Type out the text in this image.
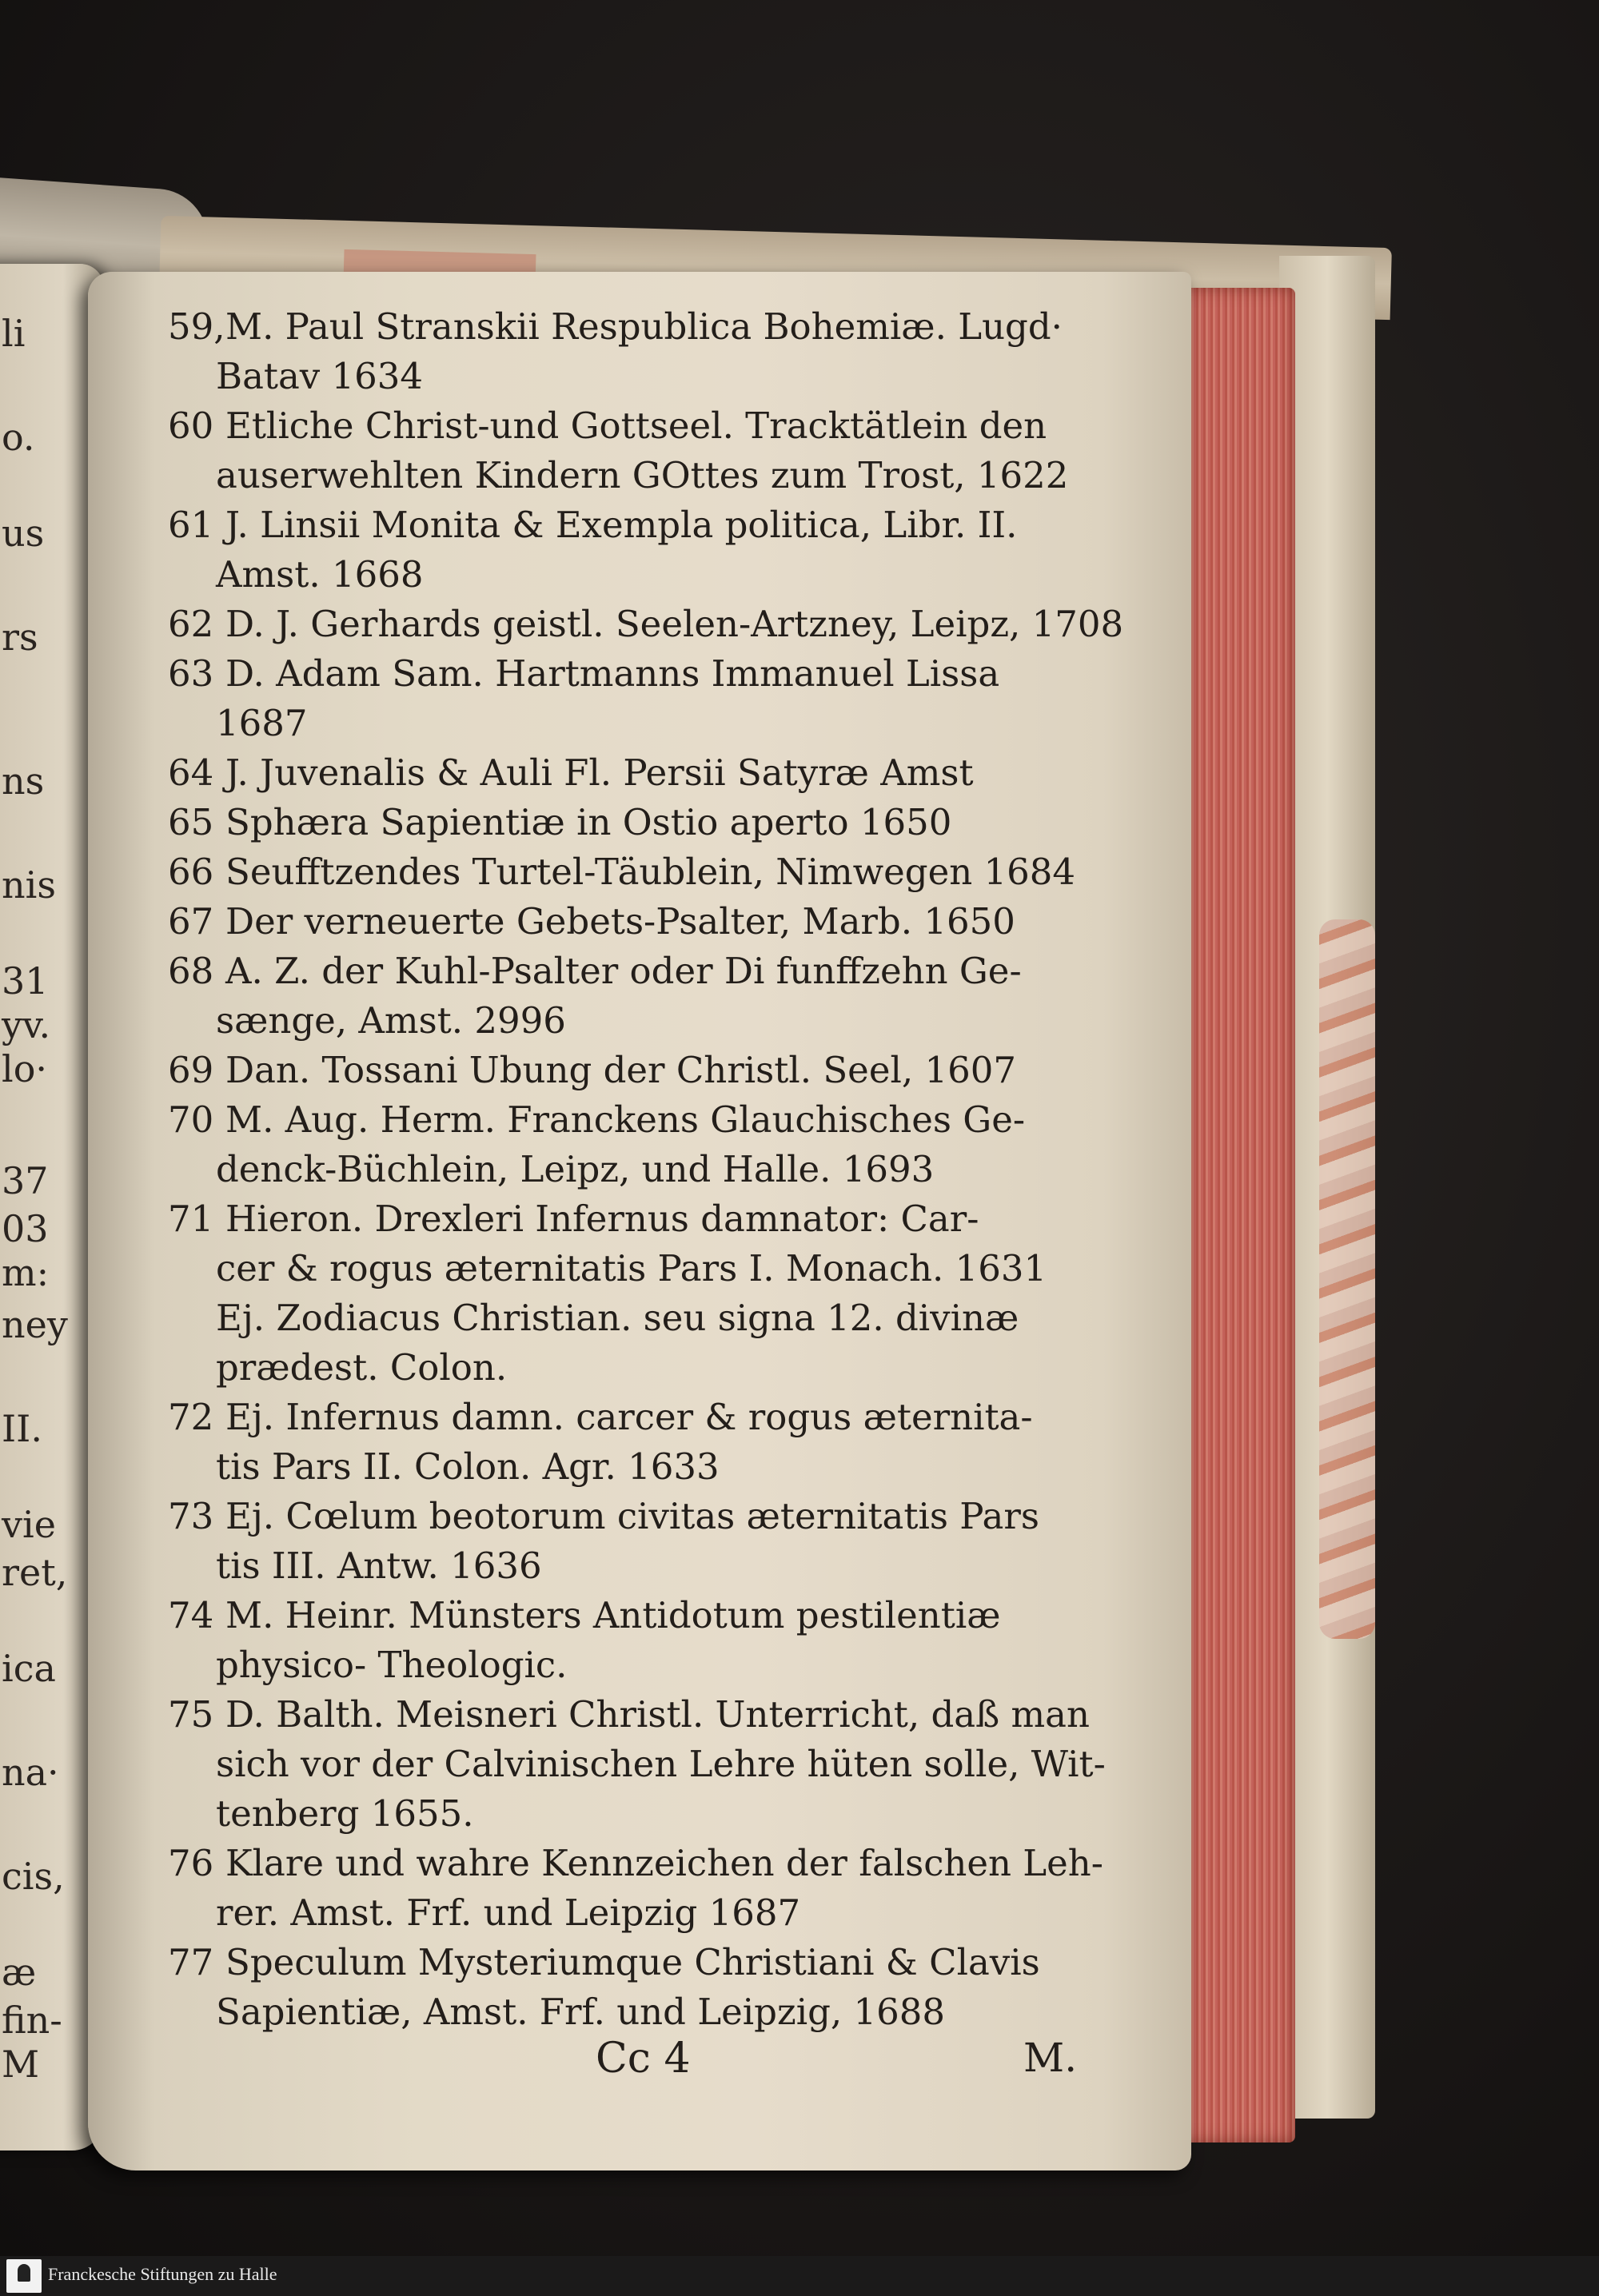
li
o.
us
rs
ns
nis
31
yv.
lo·
37
03
m:
ney
II.
vie
ret,
ica
na·
cis,
æ
fin-
M
59,M. Paul Stranskii Respublica Bohemiæ. Lugd·
Batav 1634
60 Etliche Christ-und Gottseel. Tracktätlein den
auserwehlten Kindern GOttes zum Trost, 1622
61 J. Linsii Monita & Exempla politica, Libr. II.
Amst. 1668
62 D. J. Gerhards geistl. Seelen-Artzney, Leipz, 1708
63 D. Adam Sam. Hartmanns Immanuel Lissa
1687
64 J. Juvenalis & Auli Fl. Persii Satyræ Amst
65 Sphæra Sapientiæ in Ostio aperto 1650
66 Seufftzendes Turtel-Täublein, Nimwegen 1684
67 Der verneuerte Gebets-Psalter, Marb. 1650
68 A. Z. der Kuhl-Psalter oder Di funffzehn Ge-
sænge, Amst. 2996
69 Dan. Tossani Ubung der Christl. Seel, 1607
70 M. Aug. Herm. Franckens Glauchisches Ge-
denck-Büchlein, Leipz, und Halle. 1693
71 Hieron. Drexleri Infernus damnator: Car-
cer & rogus æternitatis Pars I. Monach. 1631
Ej. Zodiacus Christian. seu signa 12. divinæ
prædest. Colon.
72 Ej. Infernus damn. carcer & rogus æternita-
tis Pars II. Colon. Agr. 1633
73 Ej. Cœlum beotorum civitas æternitatis Pars
tis III. Antw. 1636
74 M. Heinr. Münsters Antidotum pestilentiæ
physico- Theologic.
75 D. Balth. Meisneri Christl. Unterricht, daß man
sich vor der Calvinischen Lehre hüten solle, Wit-
tenberg 1655.
76 Klare und wahre Kennzeichen der falschen Leh-
rer. Amst. Frf. und Leipzig 1687
77 Speculum Mysteriumque Christiani & Clavis
Sapientiæ, Amst. Frf. und Leipzig, 1688
Cc 4	M.
Franckesche Stiftungen zu Halle
